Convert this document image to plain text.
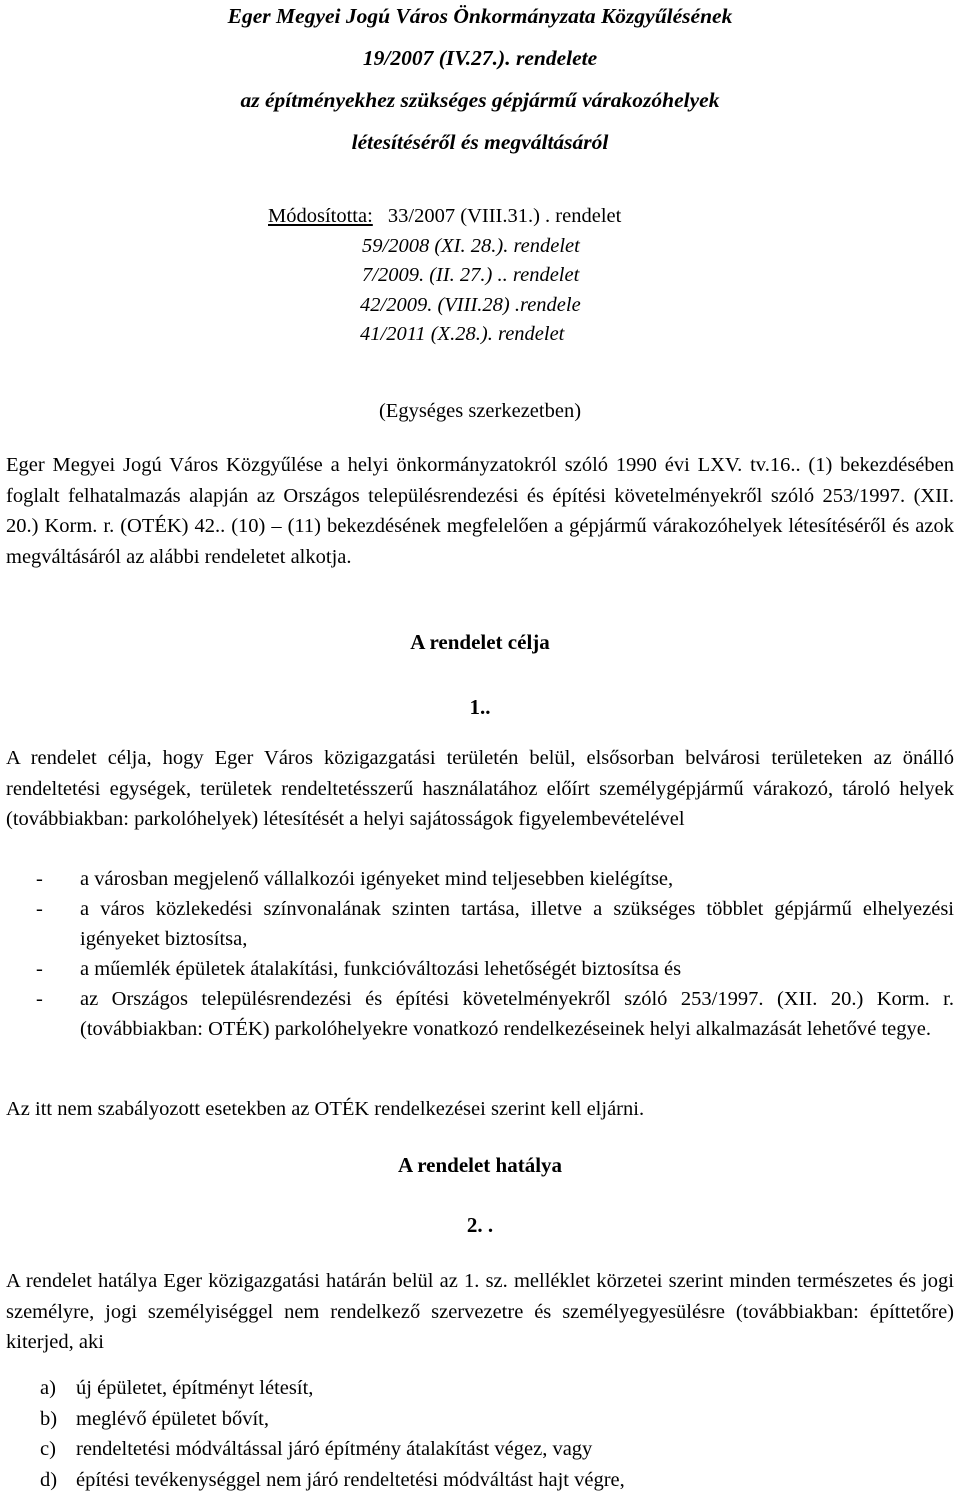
Eger Megyei Jogú Város Önkormányzata Közgyűlésének
19/2007 (IV.27.). rendelete
az építményekhez szükséges gépjármű várakozóhelyek
létesítéséről és megváltásáról
Módosította: 33/2007 (VIII.31.) . rendelet
59/2008 (XI. 28.). rendelet
7/2009. (II. 27.) .. rendelet
42/2009. (VIII.28) .rendele
41/2011 (X.28.). rendelet
(Egységes szerkezetben)
Eger Megyei Jogú Város Közgyűlése a helyi önkormányzatokról szóló 1990 évi LXV. tv.16.. (1) bekezdésében foglalt felhatalmazás alapján az Országos településrendezési és építési követelményekről szóló 253/1997. (XII. 20.) Korm. r. (OTÉK) 42.. (10) – (11) bekezdésének megfelelően a gépjármű várakozóhelyek létesítéséről és azok megváltásáról az alábbi rendeletet alkotja.
A rendelet célja
1..

A rendelet célja, hogy Eger Város közigazgatási területén belül, elsősorban belvárosi területeken az önálló rendeltetési egységek, területek rendeltetésszerű használatához előírt személygépjármű várakozó, tároló helyek (továbbiakban: parkolóhelyek) létesítését a helyi sajátosságok figyelembevételével

-	a városban megjelenő vállalkozói igényeket mind teljesebben kielégítse,
-	a város közlekedési színvonalának szinten tartása, illetve a szükséges többlet gépjármű elhelyezési igényeket biztosítsa,
-	a műemlék épületek átalakítási, funkcióváltozási lehetőségét biztosítsa és
-	az Országos településrendezési és építési követelményekről szóló 253/1997. (XII. 20.) Korm. r. (továbbiakban: OTÉK) parkolóhelyekre vonatkozó rendelkezéseinek helyi alkalmazását lehetővé tegye.
Az itt nem szabályozott esetekben az OTÉK rendelkezései szerint kell eljárni.
A rendelet hatálya
2. .

A rendelet hatálya Eger közigazgatási határán belül az 1. sz. melléklet körzetei szerint minden természetes és jogi személyre, jogi személyiséggel nem rendelkező szervezetre és személyegyesülésre (továbbiakban: építtetőre) kiterjed, aki

a) új épületet, építményt létesít,
b) meglévő épületet bővít,
c) rendeltetési módváltással járó építmény átalakítást végez, vagy
d) építési tevékenységgel nem járó rendeltetési módváltást hajt végre,
